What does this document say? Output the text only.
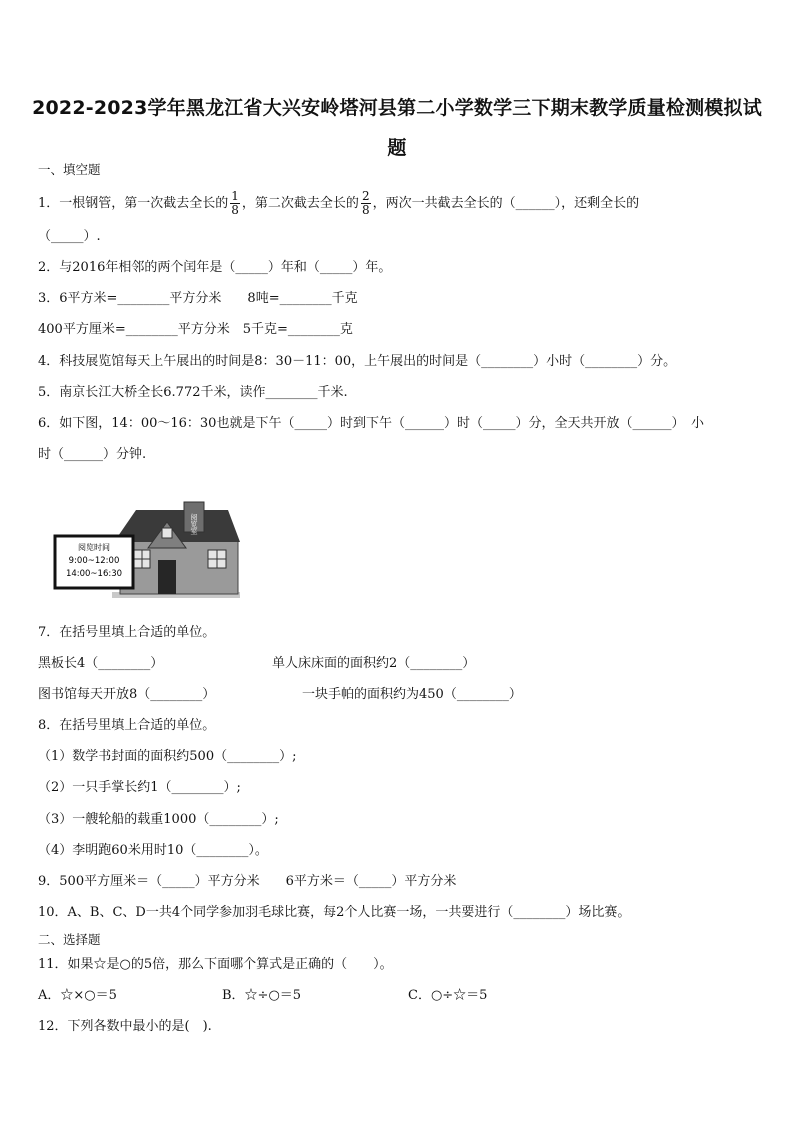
2022-2023学年黑龙江省大兴安岭塔河县第二小学数学三下期末教学质量检测模拟试
题
一、填空题
1．一根钢管，第一次截去全长的 $\frac{1}{8}$ ，第二次截去全长的 $\frac{2}{8}$ ，两次一共截去全长的（______），还剩全长的
（_____）.
2．与2016年相邻的两个闰年是（_____）年和（_____）年。
3．6平方米=________平方分米　　8吨=________千克
400平方厘米=________平方分米　5千克=________克
4．科技展览馆每天上午展出的时间是8：30－11：00，上午展出的时间是（________）小时（________）分。
5．南京长江大桥全长6.772千米，读作________千米.
6．如下图，14：00～16：30也就是下午（_____）时到下午（______）时（_____）分，全天共开放（______）　小
时（______）分钟.
阅览室
阅览时间
9:00~12:00
14:00~16:30
7．在括号里填上合适的单位。
黑板长4（________）	单人床床面的面积约2（________）
图书馆每天开放8（________）	一块手帕的面积约为450（________）
8．在括号里填上合适的单位。
（1）数学书封面的面积约500（________）;
（2）一只手掌长约1（________）;
（3）一艘轮船的载重1000（________）;
（4）李明跑60米用时10（________）。
9．500平方厘米＝（_____）平方分米　　6平方米＝（_____）平方分米
10．A、B、C、D一共4个同学参加羽毛球比赛，每2个人比赛一场，一共要进行（________）场比赛。
二、选择题
11．如果☆是○的5倍，那么下面哪个算式是正确的（　　）。
A．☆×○＝5	B．☆÷○＝5	C．○÷☆＝5
12．下列各数中最小的是(　).
